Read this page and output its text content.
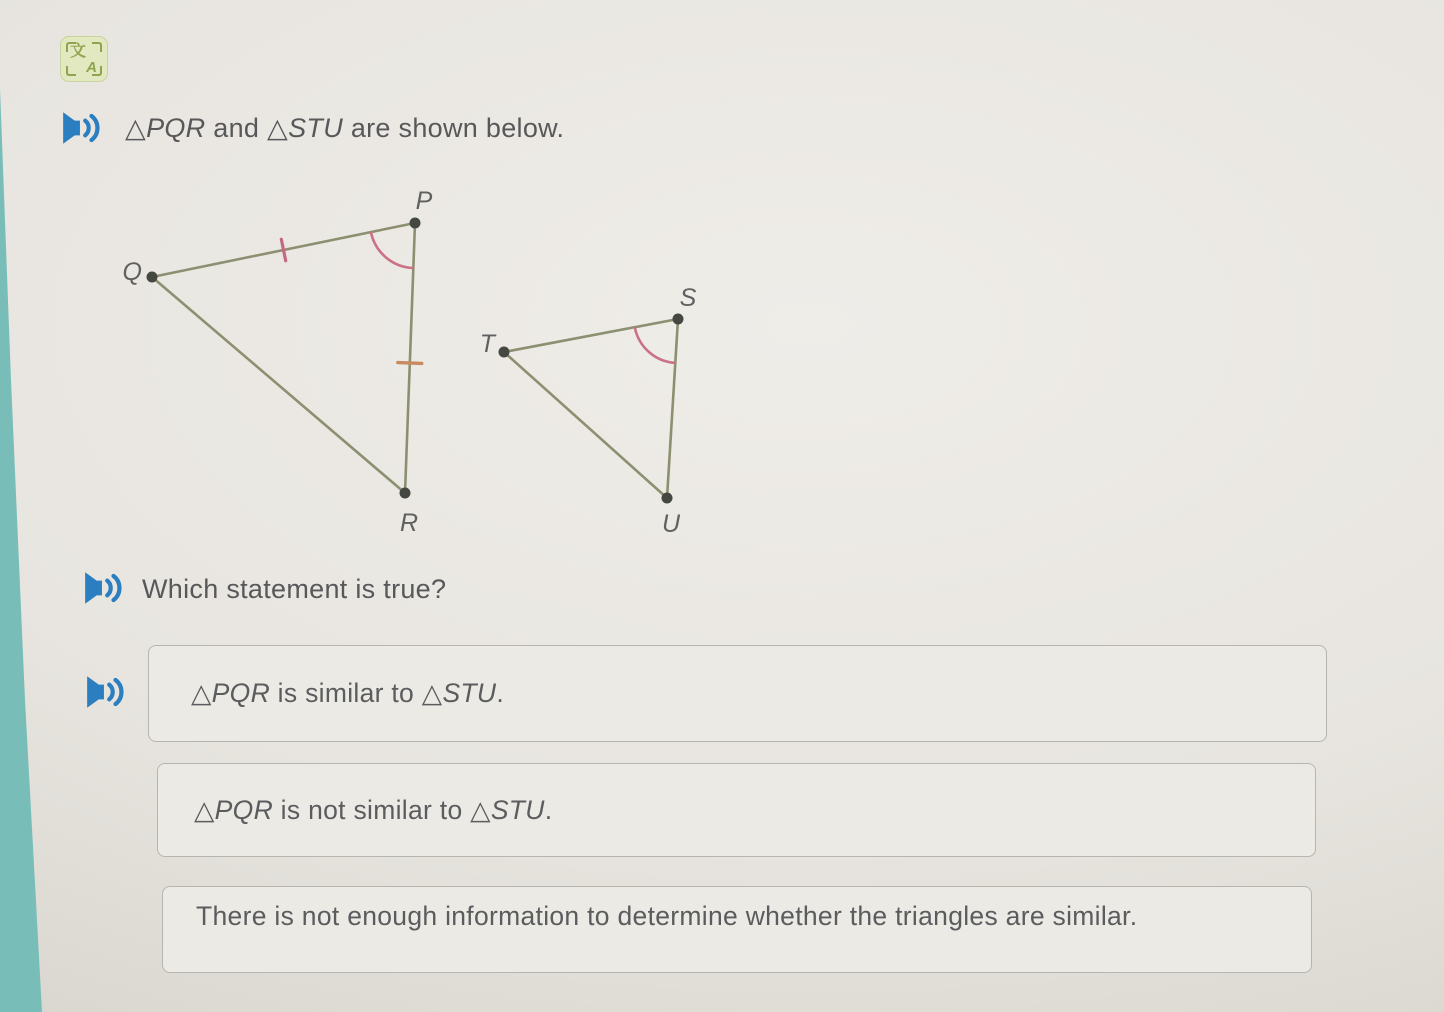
文
A
△PQR and △STU are shown below.
P
Q
R
S
T
U
Which statement is true?
△PQR is similar to △STU.
△PQR is not similar to △STU.
There is not enough information to determine whether the triangles are similar.
